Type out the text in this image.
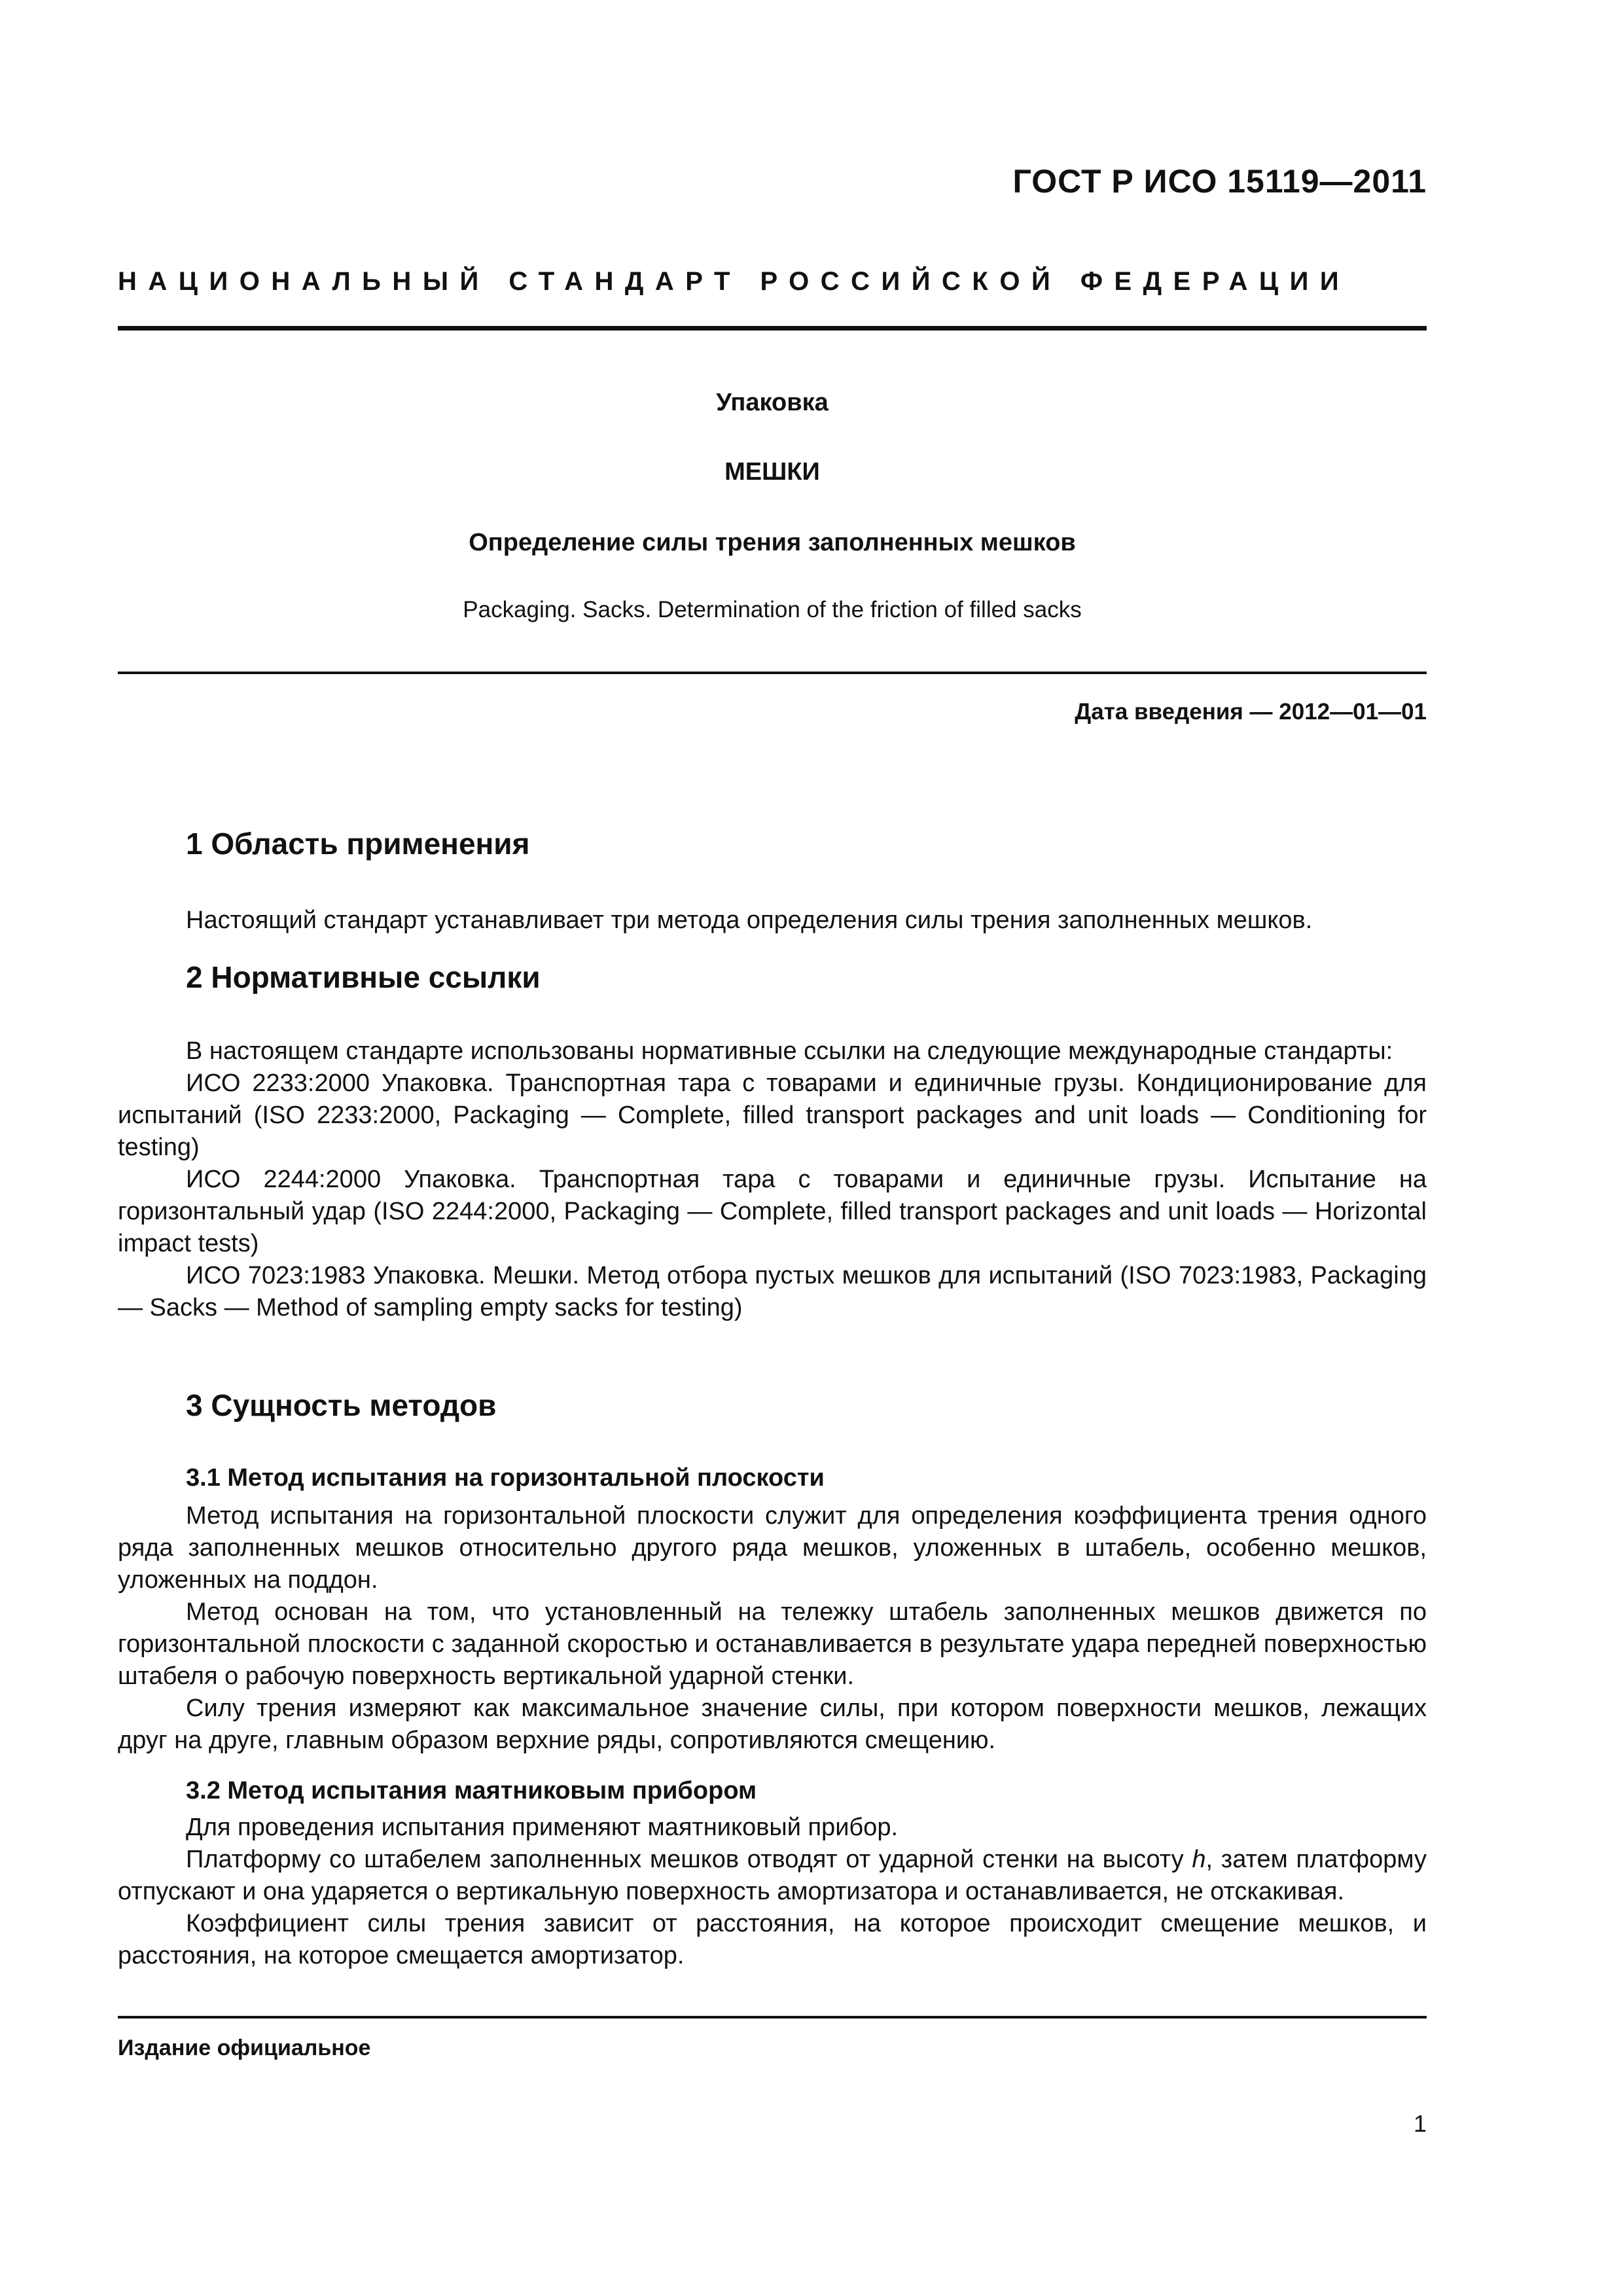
ГОСТ Р ИСО 15119—2011
НАЦИОНАЛЬНЫЙ СТАНДАРТ РОССИЙСКОЙ ФЕДЕРАЦИИ
Упаковка
МЕШКИ
Определение силы трения заполненных мешков
Packaging. Sacks. Determination of the friction of filled sacks
Дата введения — 2012—01—01
1 Область применения

Настоящий стандарт устанавливает три метода определения силы трения заполненных мешков.

2 Нормативные ссылки

В настоящем стандарте использованы нормативные ссылки на следующие международные стандарты:

ИСО 2233:2000 Упаковка. Транспортная тара с товарами и единичные грузы. Кондиционирование для испытаний (ISO 2233:2000, Packaging — Complete, filled transport packages and unit loads — Conditioning for testing)

ИСО 2244:2000 Упаковка. Транспортная тара с товарами и единичные грузы. Испытание на горизонтальный удар (ISO 2244:2000, Packaging — Complete, filled transport packages and unit loads — Horizontal impact tests)

ИСО 7023:1983 Упаковка. Мешки. Метод отбора пустых мешков для испытаний (ISO 7023:1983, Packaging — Sacks — Method of sampling empty sacks for testing)

3 Сущность методов
3.1 Метод испытания на горизонтальной плоскости

Метод испытания на горизонтальной плоскости служит для определения коэффициента трения одного ряда заполненных мешков относительно другого ряда мешков, уложенных в штабель, особенно мешков, уложенных на поддон.

Метод основан на том, что установленный на тележку штабель заполненных мешков движется по горизонтальной плоскости с заданной скоростью и останавливается в результате удара передней поверхностью штабеля о рабочую поверхность вертикальной ударной стенки.

Силу трения измеряют как максимальное значение силы, при котором поверхности мешков, лежащих друг на друге, главным образом верхние ряды, сопротивляются смещению.

3.2 Метод испытания маятниковым прибором

Для проведения испытания применяют маятниковый прибор.

Платформу со штабелем заполненных мешков отводят от ударной стенки на высоту h, затем платформу отпускают и она ударяется о вертикальную поверхность амортизатора и останавливается, не отскакивая.

Коэффициент силы трения зависит от расстояния, на которое происходит смещение мешков, и расстояния, на которое смещается амортизатор.

Издание официальное
1
